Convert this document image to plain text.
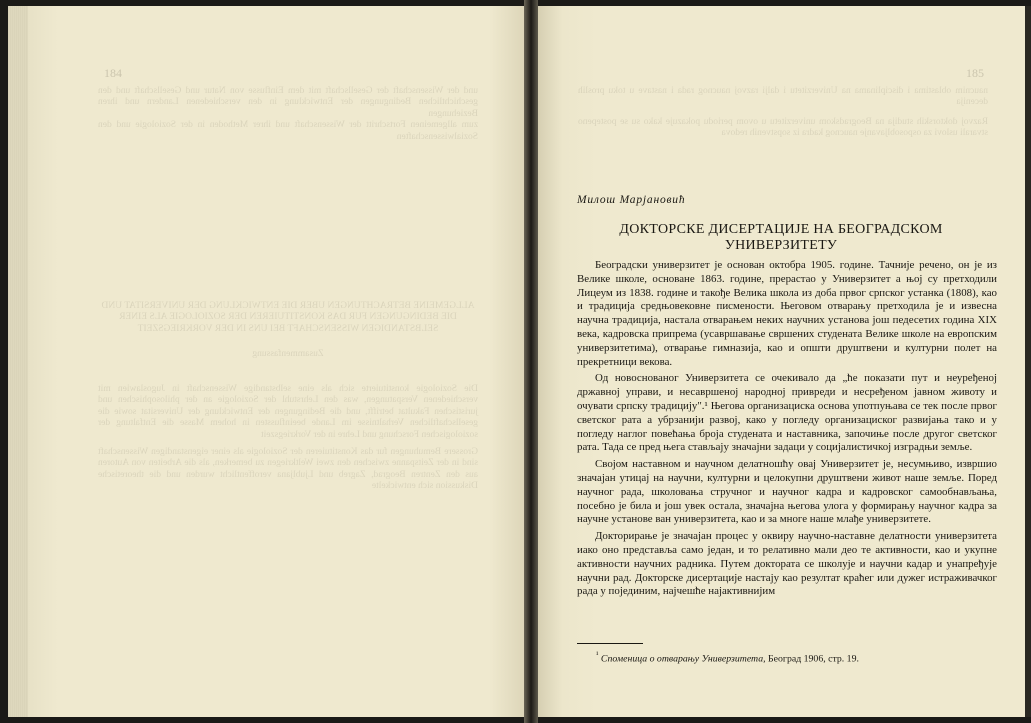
184

und der Wissenschaft der Gesellschaft mit dem Einflusse von Natur und Gesellschaft und den geschichtlichen Bedingungen der Entwicklung in den verschiedenen Landern und ihren Beziehungen

zum allgemeinen Fortschritt der Wissenschaft und ihrer Methoden in der Soziologie und den Sozialwissenschaften

ALLGEMEINE BETRACHTUNGEN UBER DIE ENTWICKLUNG DER UNIVERSITAT UND DIE BEDINGUNGEN FUR DAS KONSTITUIEREN DER SOZIOLOGIE ALS EINER SELBSTANDIGEN WISSENSCHAFT BEI UNS IN DER VORKRIEGSZEIT

Zusammenfassung

Die Soziologie konstituierte sich als eine selbstandige Wissenschaft in Jugoslawien mit verschiedenen Verspatungen, was den Lehrstuhl der Soziologie an der philosophischen und juristischen Fakultat betrifft, und die Bedingungen der Entwicklung der Universitat sowie die gesellschaftlichen Verhaltnisse im Lande beeinflussten in hohem Masse die Entfaltung der soziologischen Forschung und Lehre in der Vorkriegszeit

Grossere Bemuhungen fur das Konstituieren der Soziologie als einer eigenstandigen Wissenschaft sind in der Zeitspanne zwischen den zwei Weltkriegen zu bemerken, als die Arbeiten von Autoren aus den Zentren Beograd, Zagreb und Ljubljana veroffentlicht wurden und die theoretische Diskussion sich entwickelte

185

naucnim oblastima i disciplinama na Univerzitetu i dalji razvoj naucnog rada i nastave u toku proslih decenija

Razvoj doktorskih studija na Beogradskom univerzitetu u ovom periodu pokazuje kako su se postepeno stvarali uslovi za osposobljavanje naucnog kadra iz sopstvenih redova

Милош Марјановић
ДОКТОРСКЕ ДИСЕРТАЦИЈЕ НА БЕОГРАДСКОМ УНИВЕРЗИТЕТУ

Београдски универзитет је основан октобра 1905. године. Тачније речено, он је из Велике школе, основане 1863. године, прерастао у Универзитет а њој су претходили Лицеум из 1838. године и такође Велика школа из доба првог српског устанка (1808), као и традиција средњовековне писмености. Његовом отварању претходила је и извесна научна традиција, настала отварањем неких научних установа још педесетих година XIX века, кадровска припрема (усавршавање свршених студената Велике школе на европским универзитетима), отварање гимназија, као и општи друштвени и културни полет на прекретници векова.

Од новоснованог Универзитета се очекивало да „ће показати пут и неуређеној државној управи, и несавршеној народној привреди и несређеном јавном животу и очувати српску традицију".¹ Његова организациска основа употпуњава се тек после првог светског рата а убрзанији развој, како у погледу организациског развијања тако и у погледу наглог повећања броја студената и наставника, започиње после другог светског рата. Тада се пред њега стављају значајни задаци у социјалистичкој изградњи земље.

Својом наставном и научном делатношћу овај Универзитет је, несумњиво, извршио значајан утицај на научни, културни и целокупни друштвени живот наше земље. Поред научног рада, школовања стручног и научног кадра и кадровског самообнављања, посебно је била и још увек остала, значајна његова улога у формирању научног кадра за научне установе ван универзитета, као и за многе наше млађе универзитете.

Докторирање је значајан процес у оквиру научно-наставне делатности универзитета иако оно представља само један, и то релативно мали део те активности, као и укупне активности научних радника. Путем доктората се школује и научни кадар и унапређује научни рад. Докторске дисертације настају као резултат краћег или дужег истраживачког рада у појединим, најчешће најактивнијим

$^{^1}$ Споменица о отварању Универзитета, Београд 1906, стр. 19.
